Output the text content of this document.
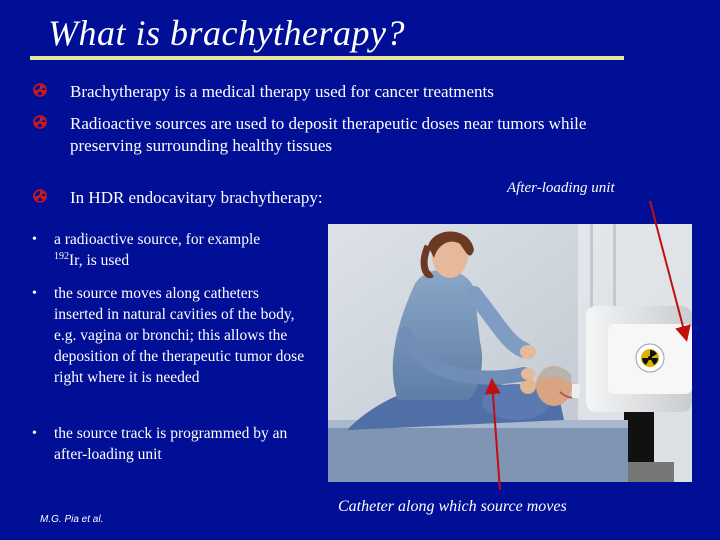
What is brachytherapy?
Brachytherapy is a medical therapy used for cancer treatments
Radioactive sources are used to deposit therapeutic doses near tumors while preserving surrounding healthy tissues
In HDR endocavitary brachytherapy:
• a radioactive source, for example
$^{192}$Ir, is used
• the source moves along catheters inserted in natural cavities of the body, e.g. vagina or bronchi; this allows the deposition of the therapeutic tumor dose right where it is needed
• the source track is programmed by an after-loading unit
After-loading unit
Catheter along which source moves
M.G. Pia et al.
